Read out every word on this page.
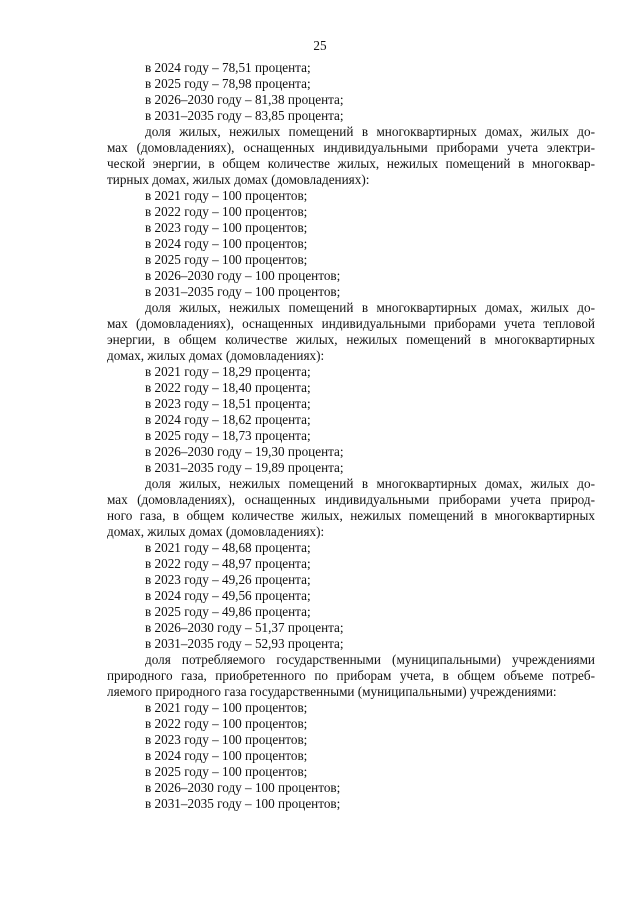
25
в 2024 году – 78,51 процента;
в 2025 году – 78,98 процента;
в 2026–2030 году – 81,38 процента;
в 2031–2035 году – 83,85 процента;
доля жилых, нежилых помещений в многоквартирных домах, жилых до-
мах (домовладениях), оснащенных индивидуальными приборами учета электри-
ческой энергии, в общем количестве жилых, нежилых помещений в многоквар-
тирных домах, жилых домах (домовладениях):
в 2021 году – 100 процентов;
в 2022 году – 100 процентов;
в 2023 году – 100 процентов;
в 2024 году – 100 процентов;
в 2025 году – 100 процентов;
в 2026–2030 году – 100 процентов;
в 2031–2035 году – 100 процентов;
доля жилых, нежилых помещений в многоквартирных домах, жилых до-
мах (домовладениях), оснащенных индивидуальными приборами учета тепловой
энергии, в общем количестве жилых, нежилых помещений в многоквартирных
домах, жилых домах (домовладениях):
в 2021 году – 18,29 процента;
в 2022 году – 18,40 процента;
в 2023 году – 18,51 процента;
в 2024 году – 18,62 процента;
в 2025 году – 18,73 процента;
в 2026–2030 году – 19,30 процента;
в 2031–2035 году – 19,89 процента;
доля жилых, нежилых помещений в многоквартирных домах, жилых до-
мах (домовладениях), оснащенных индивидуальными приборами учета природ-
ного газа, в общем количестве жилых, нежилых помещений в многоквартирных
домах, жилых домах (домовладениях):
в 2021 году – 48,68 процента;
в 2022 году – 48,97 процента;
в 2023 году – 49,26 процента;
в 2024 году – 49,56 процента;
в 2025 году – 49,86 процента;
в 2026–2030 году – 51,37 процента;
в 2031–2035 году – 52,93 процента;
доля потребляемого государственными (муниципальными) учреждениями
природного газа, приобретенного по приборам учета, в общем объеме потреб-
ляемого природного газа государственными (муниципальными) учреждениями:
в 2021 году – 100 процентов;
в 2022 году – 100 процентов;
в 2023 году – 100 процентов;
в 2024 году – 100 процентов;
в 2025 году – 100 процентов;
в 2026–2030 году – 100 процентов;
в 2031–2035 году – 100 процентов;
